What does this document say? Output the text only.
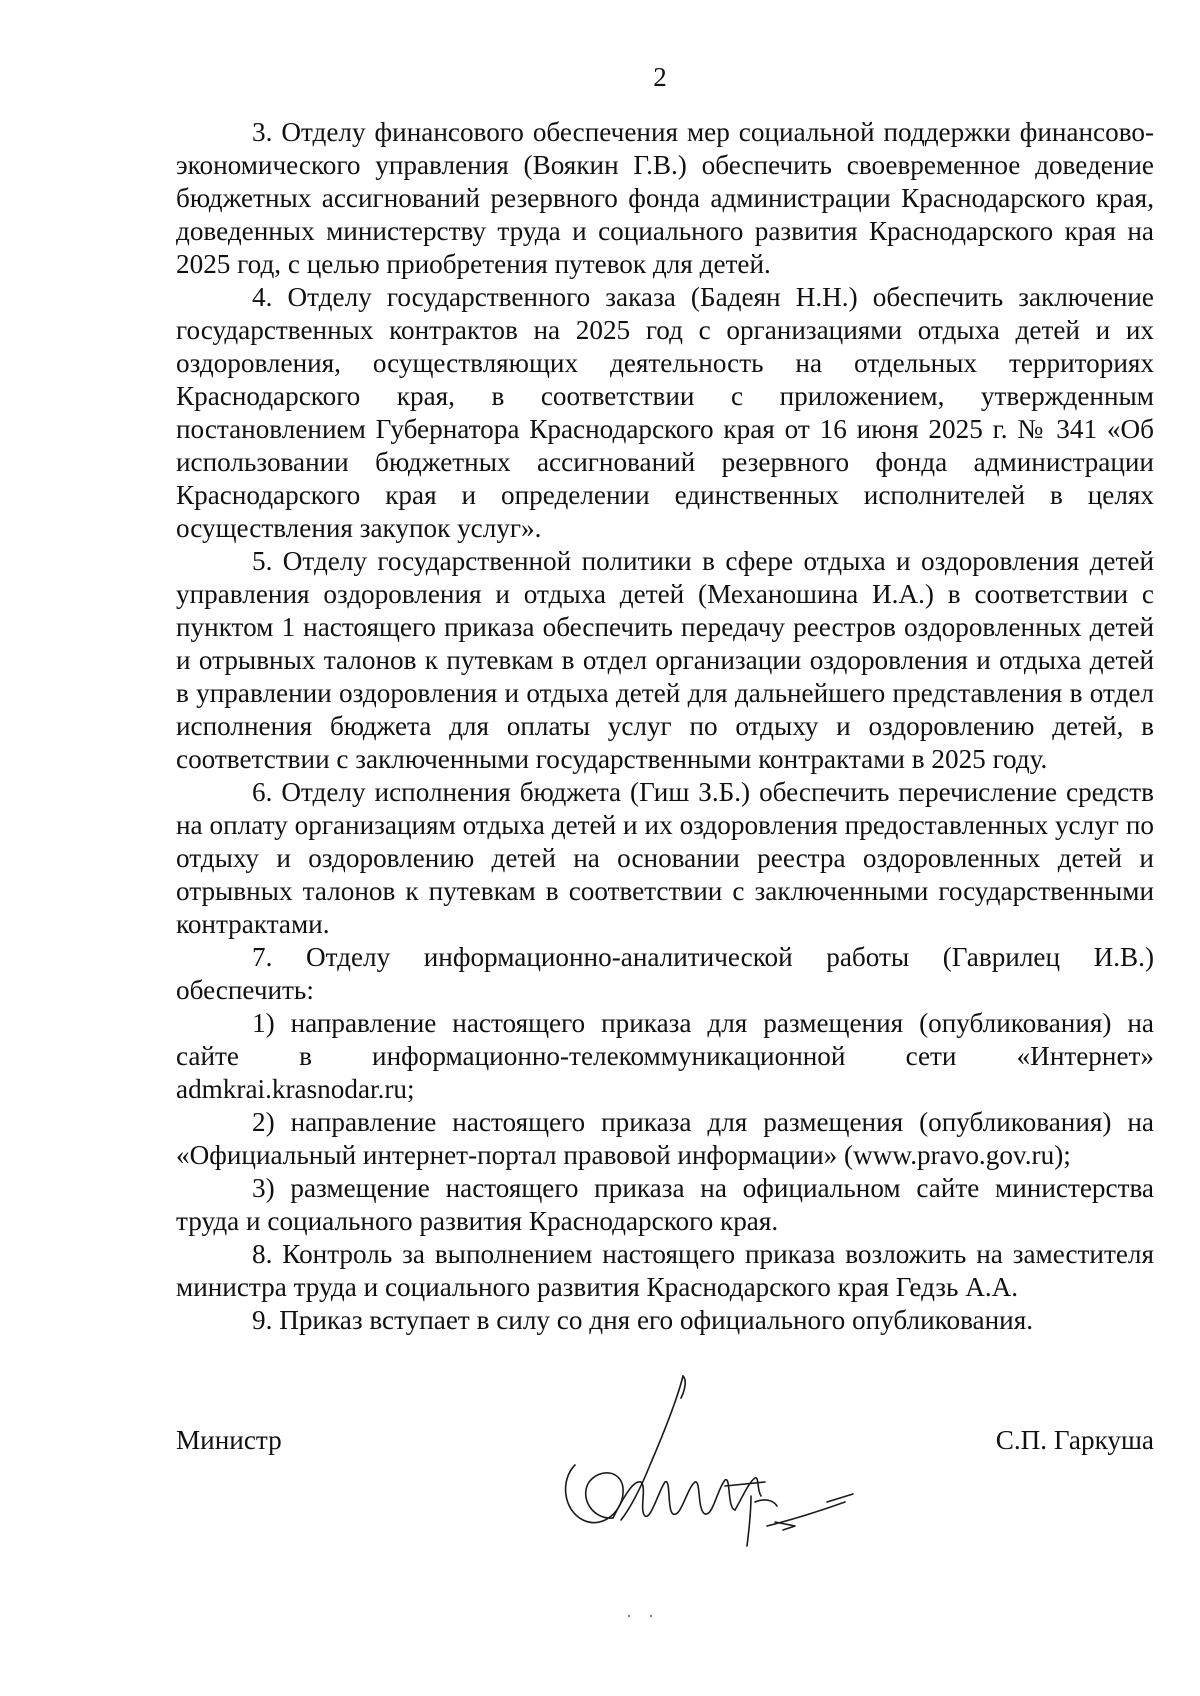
2

3. Отделу финансового обеспечения мер социальной поддержки финансово-экономического управления (Воякин Г.В.) обеспечить своевременное доведение бюджетных ассигнований резервного фонда администрации Краснодарского края, доведенных министерству труда и социального развития Краснодарского края на 2025 год, с целью приобретения путевок для детей.

4. Отделу государственного заказа (Бадеян Н.Н.) обеспечить заключение государственных контрактов на 2025 год с организациями отдыха детей и их оздоровления, осуществляющих деятельность на отдельных территориях Краснодарского края, в соответствии с приложением, утвержденным постановлением Губернатора Краснодарского края от 16 июня 2025 г. № 341 «Об использовании бюджетных ассигнований резервного фонда администрации Краснодарского края и определении единственных исполнителей в целях осуществления закупок услуг».

5. Отделу государственной политики в сфере отдыха и оздоровления детей управления оздоровления и отдыха детей (Механошина И.А.) в соответствии с пунктом 1 настоящего приказа обеспечить передачу реестров оздоровленных детей и отрывных талонов к путевкам в отдел организации оздоровления и отдыха детей в управлении оздоровления и отдыха детей для дальнейшего представления в отдел исполнения бюджета для оплаты услуг по отдыху и оздоровлению детей, в соответствии с заключенными государственными контрактами в 2025 году.

6. Отделу исполнения бюджета (Гиш З.Б.) обеспечить перечисление средств на оплату организациям отдыха детей и их оздоровления предоставленных услуг по отдыху и оздоровлению детей на основании реестра оздоровленных детей и отрывных талонов к путевкам в соответствии с заключенными государственными контрактами.

7. Отделу информационно-аналитической работы (Гаврилец И.В.) обеспечить:

1) направление настоящего приказа для размещения (опубликования) на сайте в информационно-телекоммуникационной сети «Интернет» admkrai.krasnodar.ru;

2) направление настоящего приказа для размещения (опубликования) на «Официальный интернет-портал правовой информации» (www.pravo.gov.ru);

3) размещение настоящего приказа на официальном сайте министерства труда и социального развития Краснодарского края.

8. Контроль за выполнением настоящего приказа возложить на заместителя министра труда и социального развития Краснодарского края Гедзь А.А.

9. Приказ вступает в силу со дня его официального опубликования.

Министр	С.П. Гаркуша
